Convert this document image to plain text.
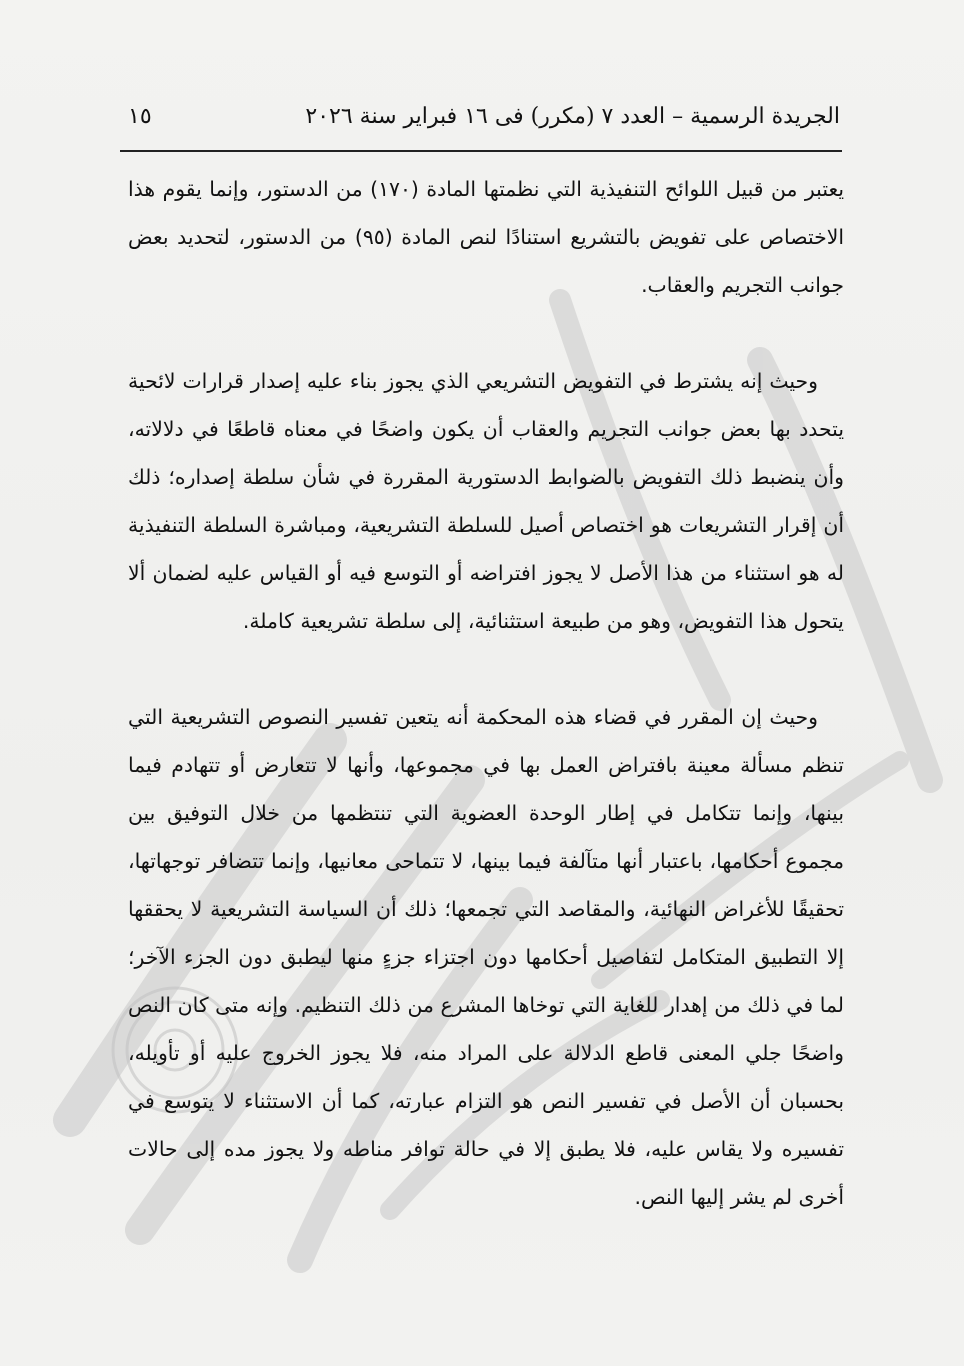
الجريدة الرسمية – العدد ٧ (مكرر) فى ١٦ فبراير سنة ٢٠٢٦
١٥

يعتبر من قبيل اللوائح التنفيذية التي نظمتها المادة (١٧٠) من الدستور، وإنما يقوم هذا الاختصاص على تفويض بالتشريع استنادًا لنص المادة (٩٥) من الدستور، لتحديد بعض جوانب التجريم والعقاب.

وحيث إنه يشترط في التفويض التشريعي الذي يجوز بناء عليه إصدار قرارات لائحية يتحدد بها بعض جوانب التجريم والعقاب أن يكون واضحًا في معناه قاطعًا في دلالاته، وأن ينضبط ذلك التفويض بالضوابط الدستورية المقررة في شأن سلطة إصداره؛ ذلك أن إقرار التشريعات هو اختصاص أصيل للسلطة التشريعية، ومباشرة السلطة التنفيذية له هو استثناء من هذا الأصل لا يجوز افتراضه أو التوسع فيه أو القياس عليه لضمان ألا يتحول هذا التفويض، وهو من طبيعة استثنائية، إلى سلطة تشريعية كاملة.

وحيث إن المقرر في قضاء هذه المحكمة أنه يتعين تفسير النصوص التشريعية التي تنظم مسألة معينة بافتراض العمل بها في مجموعها، وأنها لا تتعارض أو تتهادم فيما بينها، وإنما تتكامل في إطار الوحدة العضوية التي تنتظمها من خلال التوفيق بين مجموع أحكامها، باعتبار أنها متآلفة فيما بينها، لا تتماحى معانيها، وإنما تتضافر توجهاتها، تحقيقًا للأغراض النهائية، والمقاصد التي تجمعها؛ ذلك أن السياسة التشريعية لا يحققها إلا التطبيق المتكامل لتفاصيل أحكامها دون اجتزاء جزءٍ منها ليطبق دون الجزء الآخر؛ لما في ذلك من إهدار للغاية التي توخاها المشرع من ذلك التنظيم. وإنه متى كان النص واضحًا جلي المعنى قاطع الدلالة على المراد منه، فلا يجوز الخروج عليه أو تأويله، بحسبان أن الأصل في تفسير النص هو التزام عبارته، كما أن الاستثناء لا يتوسع في تفسيره ولا يقاس عليه، فلا يطبق إلا في حالة توافر مناطه ولا يجوز مده إلى حالات أخرى لم يشر إليها النص.
